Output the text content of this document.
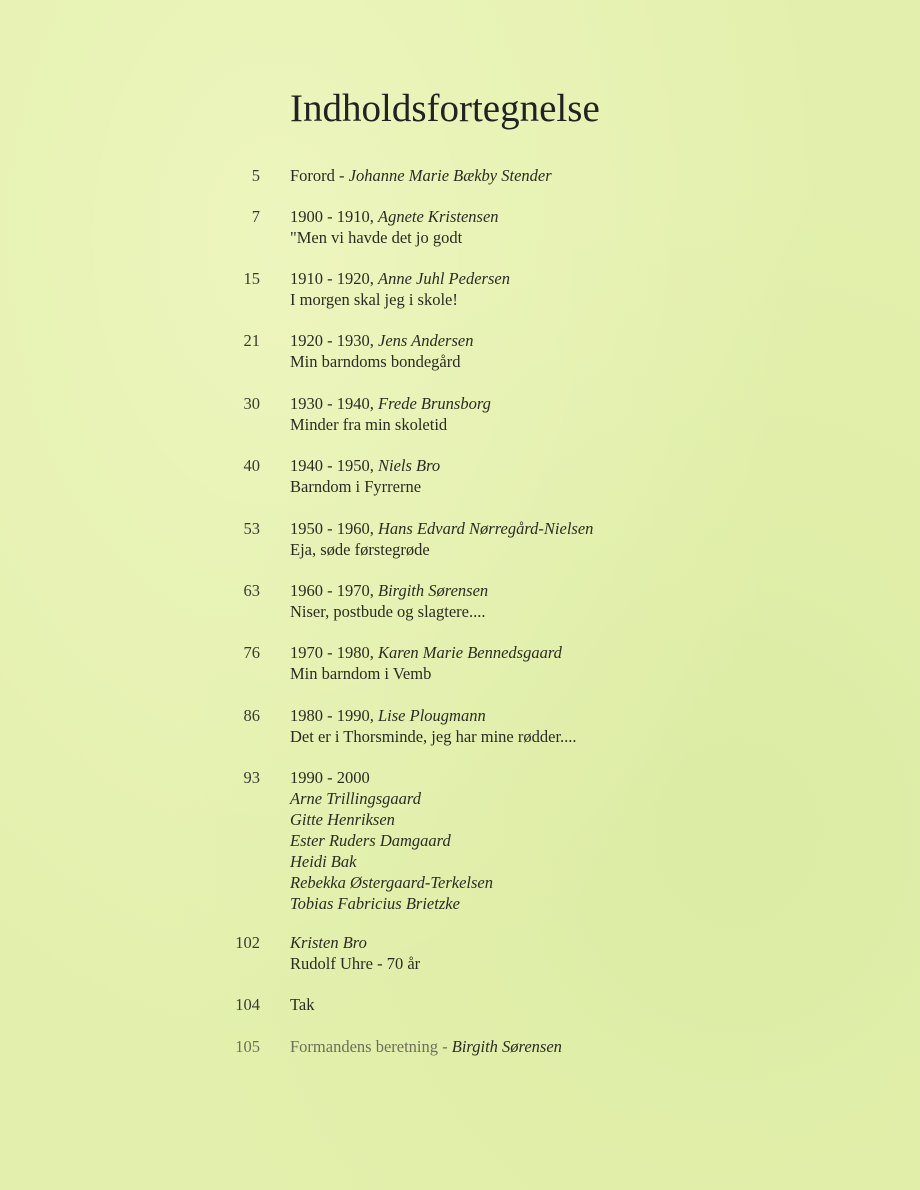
Indholdsfortegnelse
5 Forord - Johanne Marie Bækby Stender
7 1900 - 1910, Agnete Kristensen
"Men vi havde det jo godt
15 1910 - 1920, Anne Juhl Pedersen
I morgen skal jeg i skole!
21 1920 - 1930, Jens Andersen
Min barndoms bondegård
30 1930 - 1940, Frede Brunsborg
Minder fra min skoletid
40 1940 - 1950, Niels Bro
Barndom i Fyrrerne
53 1950 - 1960, Hans Edvard Nørregård-Nielsen
Eja, søde førstegrøde
63 1960 - 1970, Birgith Sørensen
Niser, postbude og slagtere....
76 1970 - 1980, Karen Marie Bennedsgaard
Min barndom i Vemb
86 1980 - 1990, Lise Plougmann
Det er i Thorsminde, jeg har mine rødder....
93 1990 - 2000
Arne Trillingsgaard
Gitte Henriksen
Ester Ruders Damgaard
Heidi Bak
Rebekka Østergaard-Terkelsen
Tobias Fabricius Brietzke
102 Kristen Bro
Rudolf Uhre - 70 år
104 Tak
105 Formandens beretning - Birgith Sørensen
